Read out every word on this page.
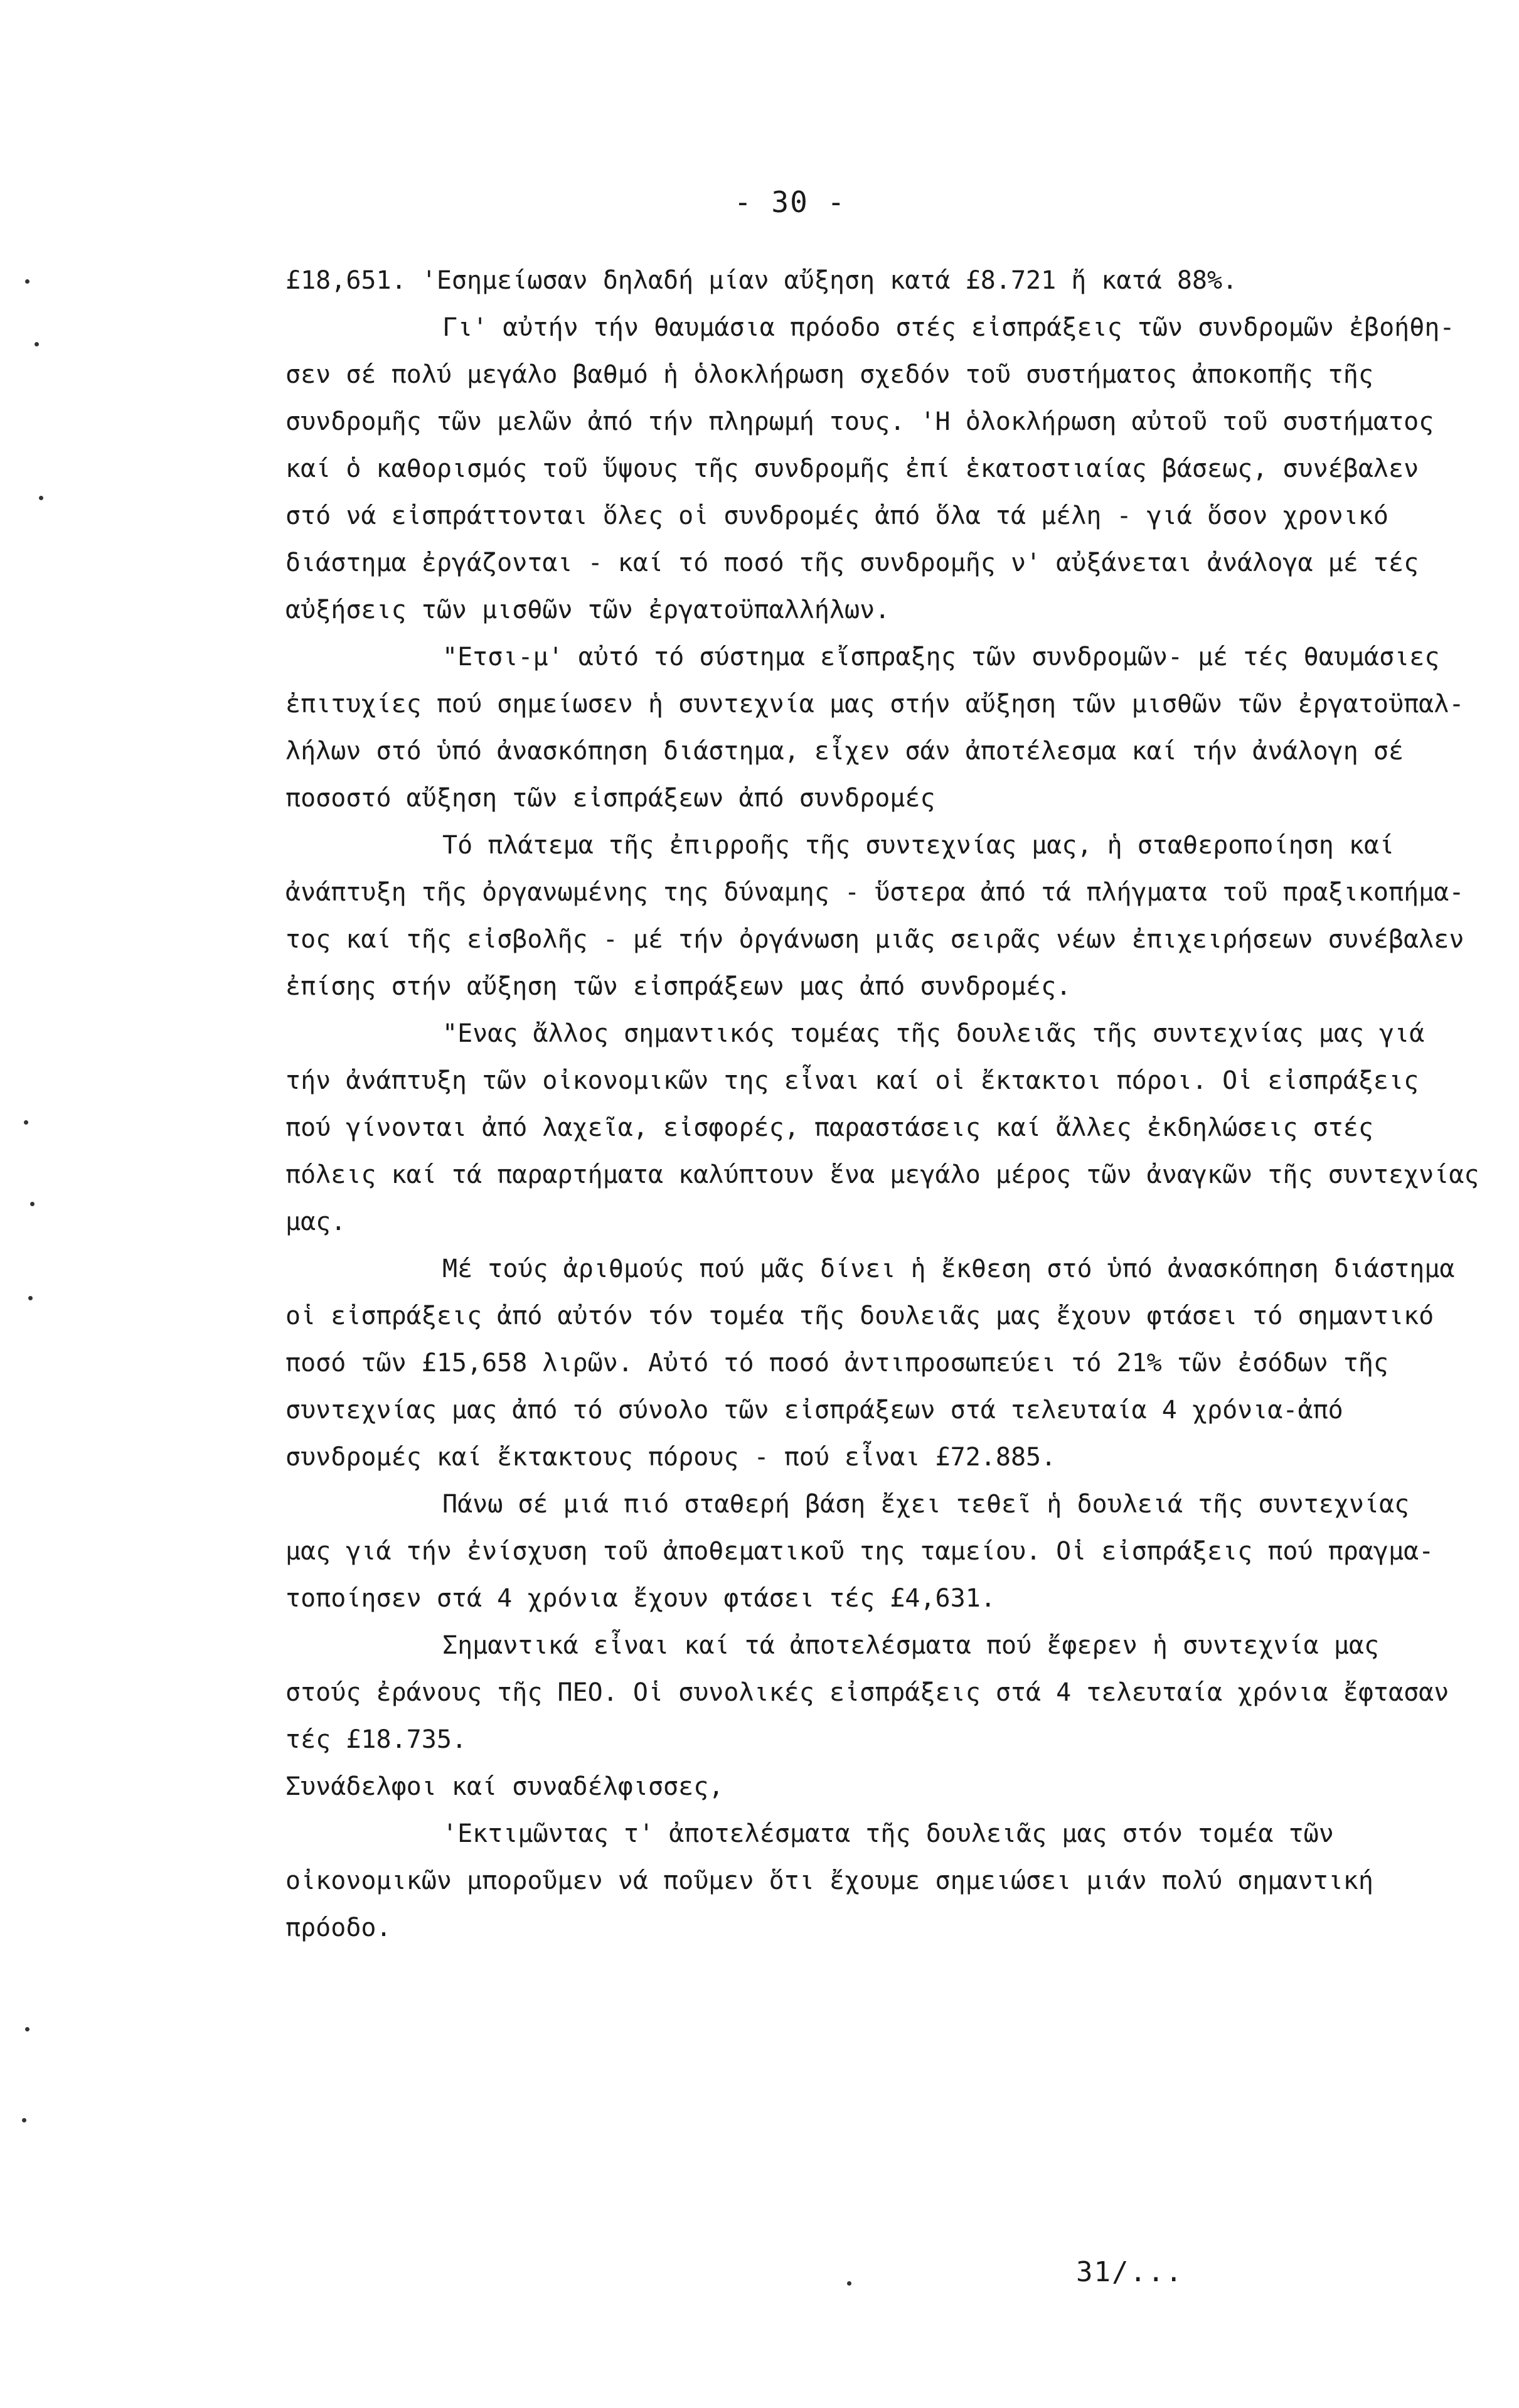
- 30 -
£18,651. 'Εσημείωσαν δηλαδή μίαν αὔξηση κατά £8.721 ἤ κατά 88%.
Γι' αὐτήν τήν θαυμάσια πρόοδο στές εἰσπράξεις τῶν συνδρομῶν ἐβοήθη-
σεν σέ πολύ μεγάλο βαθμό ἡ ὁλοκλήρωση σχεδόν τοῦ συστήματος ἀποκοπῆς τῆς
συνδρομῆς τῶν μελῶν ἀπό τήν πληρωμή τους. 'Η ὁλοκλήρωση αὐτοῦ τοῦ συστήματος
καί ὁ καθορισμός τοῦ ὕψους τῆς συνδρομῆς ἐπί ἑκατοστιαίας βάσεως, συνέβαλεν
στό νά εἰσπράττονται ὅλες οἱ συνδρομές ἀπό ὅλα τά μέλη - γιά ὅσον χρονικό
διάστημα ἐργάζονται - καί τό ποσό τῆς συνδρομῆς ν' αὐξάνεται ἀνάλογα μέ τές
αὐξήσεις τῶν μισθῶν τῶν ἐργατοϋπαλλήλων.
"Ετσι-μ' αὐτό τό σύστημα εἴσπραξης τῶν συνδρομῶν- μέ τές θαυμάσιες
ἐπιτυχίες πού σημείωσεν ἡ συντεχνία μας στήν αὔξηση τῶν μισθῶν τῶν ἐργατοϋπαλ-
λήλων στό ὑπό ἀνασκόπηση διάστημα, εἶχεν σάν ἀποτέλεσμα καί τήν ἀνάλογη σέ
ποσοστό αὔξηση τῶν εἰσπράξεων ἀπό συνδρομές
Τό πλάτεμα τῆς ἐπιρροῆς τῆς συντεχνίας μας, ἡ σταθεροποίηση καί
ἀνάπτυξη τῆς ὀργανωμένης της δύναμης - ὕστερα ἀπό τά πλήγματα τοῦ πραξικοπήμα-
τος καί τῆς εἰσβολῆς - μέ τήν ὀργάνωση μιᾶς σειρᾶς νέων ἐπιχειρήσεων συνέβαλεν
ἐπίσης στήν αὔξηση τῶν εἰσπράξεων μας ἀπό συνδρομές.
"Ενας ἄλλος σημαντικός τομέας τῆς δουλειᾶς τῆς συντεχνίας μας γιά
τήν ἀνάπτυξη τῶν οἰκονομικῶν της εἶναι καί οἱ ἔκτακτοι πόροι. Οἱ εἰσπράξεις
πού γίνονται ἀπό λαχεῖα, εἰσφορές, παραστάσεις καί ἄλλες ἐκδηλώσεις στές
πόλεις καί τά παραρτήματα καλύπτουν ἕνα μεγάλο μέρος τῶν ἀναγκῶν τῆς συντεχνίας
μας.
Μέ τούς ἀριθμούς πού μᾶς δίνει ἡ ἔκθεση στό ὑπό ἀνασκόπηση διάστημα
οἱ εἰσπράξεις ἀπό αὐτόν τόν τομέα τῆς δουλειᾶς μας ἔχουν φτάσει τό σημαντικό
ποσό τῶν £15,658 λιρῶν. Αὐτό τό ποσό ἀντιπροσωπεύει τό 21% τῶν ἐσόδων τῆς
συντεχνίας μας ἀπό τό σύνολο τῶν εἰσπράξεων στά τελευταία 4 χρόνια-ἀπό
συνδρομές καί ἔκτακτους πόρους - πού εἶναι £72.885.
Πάνω σέ μιά πιό σταθερή βάση ἔχει τεθεῖ ἡ δουλειά τῆς συντεχνίας
μας γιά τήν ἐνίσχυση τοῦ ἀποθεματικοῦ της ταμείου. Οἱ εἰσπράξεις πού πραγμα-
τοποίησεν στά 4 χρόνια ἔχουν φτάσει τές £4,631.
Σημαντικά εἶναι καί τά ἀποτελέσματα πού ἔφερεν ἡ συντεχνία μας
στούς ἐράνους τῆς ΠΕΟ. Οἱ συνολικές εἰσπράξεις στά 4 τελευταία χρόνια ἔφτασαν
τές £18.735.
Συνάδελφοι καί συναδέλφισσες,
'Εκτιμῶντας τ' ἀποτελέσματα τῆς δουλειᾶς μας στόν τομέα τῶν
οἰκονομικῶν μποροῦμεν νά ποῦμεν ὅτι ἔχουμε σημειώσει μιάν πολύ σημαντική
πρόοδο.
31/...
